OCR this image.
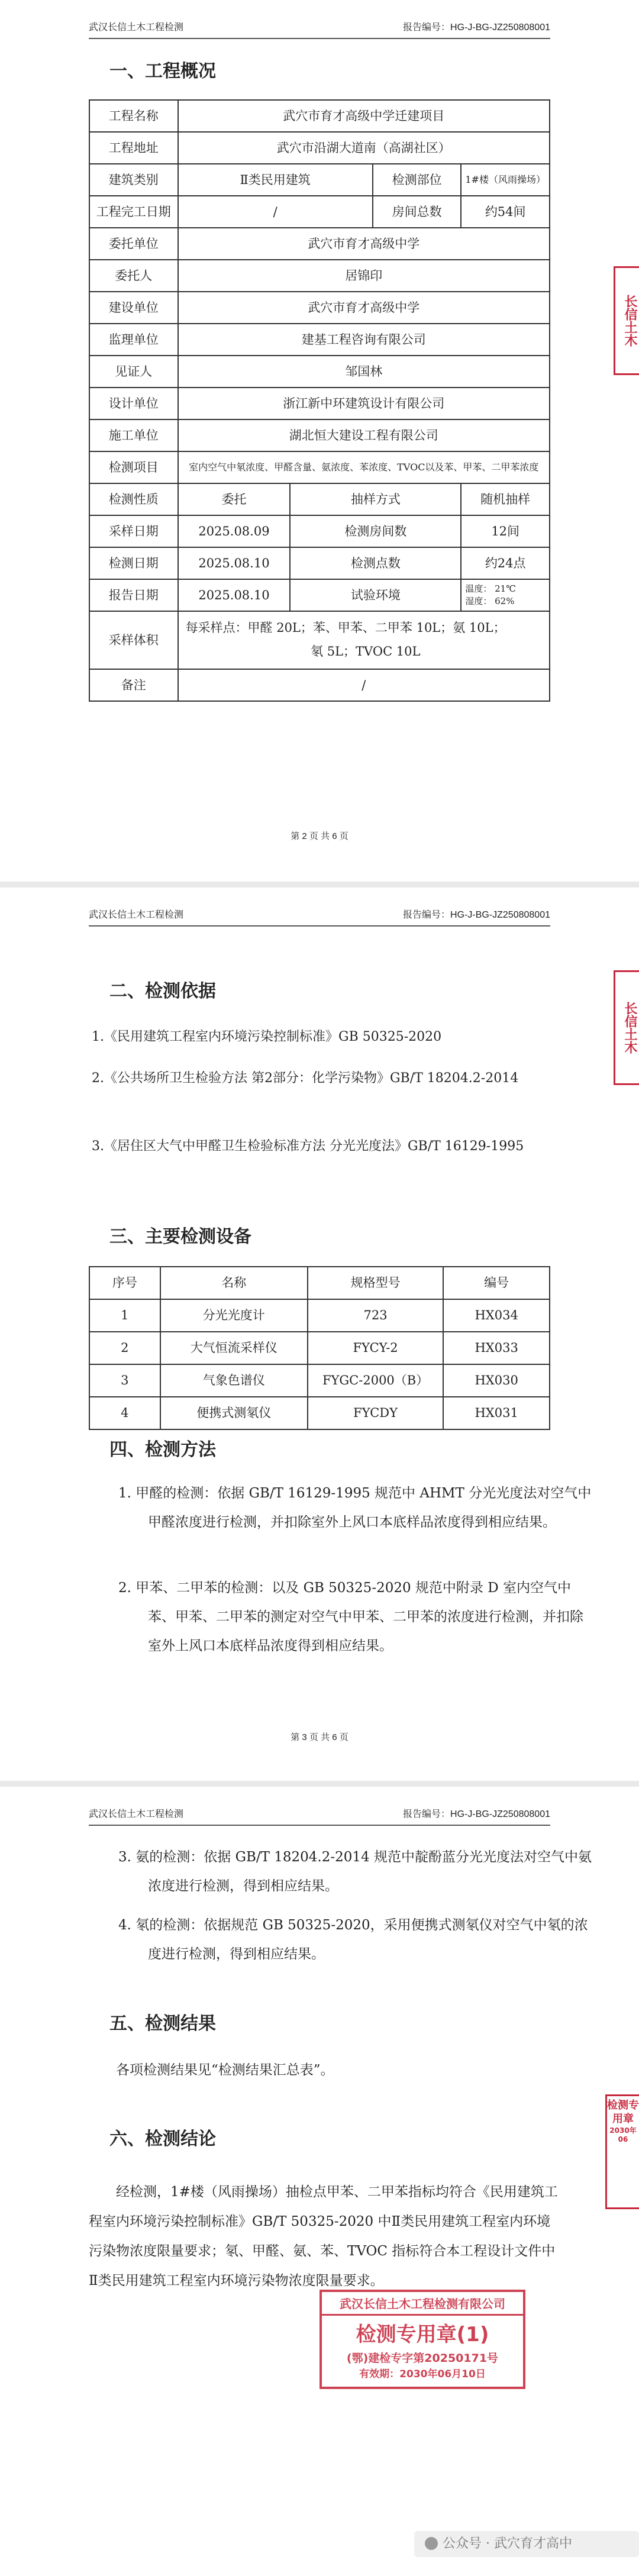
武汉长信土木工程检测	报告编号：HG-J-BG-JZ250808001
一、工程概况
工程名称	武穴市育才高级中学迁建项目			
工程地址	武穴市沿湖大道南（高湖社区）			
建筑类别	Ⅱ类民用建筑		检测部位	1#楼（风雨操场）
工程完工日期	/		房间总数	约54间
委托单位	武穴市育才高级中学			
委托人	居锦印			
建设单位	武穴市育才高级中学			
监理单位	建基工程咨询有限公司			
见证人	邹国林			
设计单位	浙江新中环建筑设计有限公司			
施工单位	湖北恒大建设工程有限公司			
检测项目	室内空气中氡浓度、甲醛含量、氨浓度、苯浓度、TVOC以及苯、甲苯、二甲苯浓度			
检测性质	委托	抽样方式		随机抽样
采样日期	2025.08.09	检测房间数		12间
检测日期	2025.08.10	检测点数		约24点
报告日期	2025.08.10	试验环境		温度： 21℃
湿度： 62%

采样体积	每采样点：甲醛 20L；苯、甲苯、二甲苯 10L；氨 10L；
氡 5L；TVOC 10L			

备注	/			
长信土木
第 2 页 共 6 页
武汉长信土木工程检测	报告编号：HG-J-BG-JZ250808001
二、检测依据
1.《民用建筑工程室内环境污染控制标准》GB 50325-2020
2.《公共场所卫生检验方法 第2部分：化学污染物》GB/T 18204.2-2014
3.《居住区大气中甲醛卫生检验标准方法 分光光度法》GB/T 16129-1995
三、主要检测设备
序号	名称	规格型号	编号
1	分光光度计	723	HX034
2	大气恒流采样仪	FYCY-2	HX033
3	气象色谱仪	FYGC-2000（B）	HX030
4	便携式测氡仪	FYCDY	HX031
四、检测方法
1. 甲醛的检测：依据 GB/T 16129-1995 规范中 AHMT 分光光度法对空气中甲醛浓度进行检测，并扣除室外上风口本底样品浓度得到相应结果。
2. 甲苯、二甲苯的检测：以及 GB 50325-2020 规范中附录 D 室内空气中苯、甲苯、二甲苯的测定对空气中甲苯、二甲苯的浓度进行检测，并扣除室外上风口本底样品浓度得到相应结果。
长信土木
第 3 页 共 6 页
武汉长信土木工程检测	报告编号：HG-J-BG-JZ250808001
3. 氨的检测：依据 GB/T 18204.2-2014 规范中靛酚蓝分光光度法对空气中氨浓度进行检测，得到相应结果。
4. 氡的检测：依据规范 GB 50325-2020，采用便携式测氡仪对空气中氡的浓度进行检测，得到相应结果。
五、检测结果
各项检测结果见“检测结果汇总表”。
六、检测结论
经检测，1#楼（风雨操场）抽检点甲苯、二甲苯指标均符合《民用建筑工程室内环境污染控制标准》GB/T 50325-2020 中Ⅱ类民用建筑工程室内环境污染物浓度限量要求；氡、甲醛、氨、苯、TVOC 指标符合本工程设计文件中Ⅱ类民用建筑工程室内环境污染物浓度限量要求。
武汉长信土木工程检测有限公司
检测专用章(1)
(鄂)建检专字第20250171号
有效期：2030年06月10日
检测专用章
2030年06
公众号 · 武穴育才高中
